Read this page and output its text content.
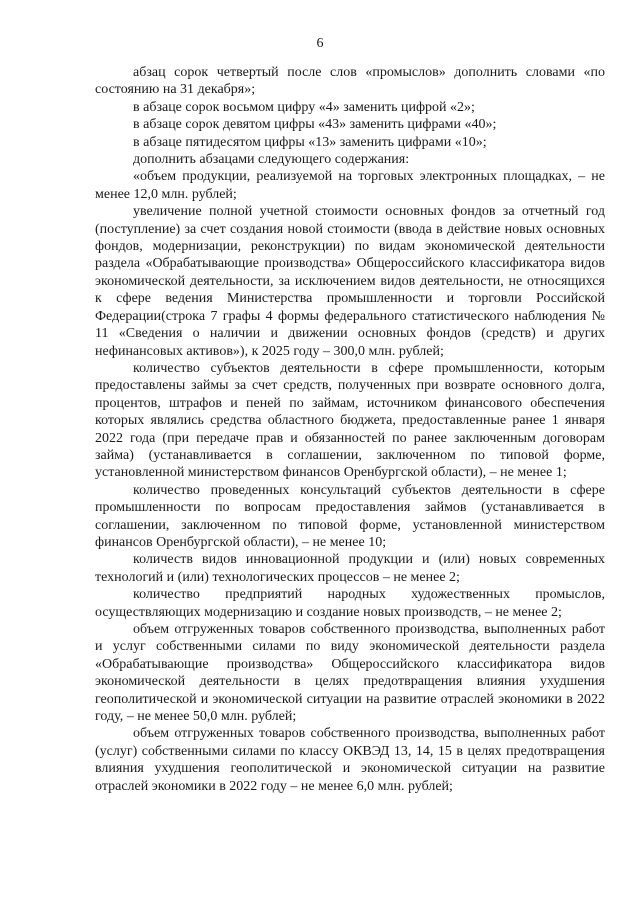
6

абзац сорок четвертый после слов «промыслов» дополнить словами «по состоянию на 31 декабря»;

в абзаце сорок восьмом цифру «4» заменить цифрой «2»;

в абзаце сорок девятом цифры «43» заменить цифрами «40»;

в абзаце пятидесятом цифры «13» заменить цифрами «10»;

дополнить абзацами следующего содержания:

«объем продукции, реализуемой на торговых электронных площадках, – не менее 12,0 млн. рублей;

увеличение полной учетной стоимости основных фондов за отчетный год (поступление) за счет создания новой стоимости (ввода в действие новых основных фондов, модернизации, реконструкции) по видам экономической деятельности раздела «Обрабатывающие производства» Общероссийского классификатора видов экономической деятельности, за исключением видов деятельности, не относящихся к сфере ведения Министерства промышленности и торговли Российской Федерации(строка 7 графы 4 формы федерального статистического наблюдения № 11 «Сведения о наличии и движении основных фондов (средств) и других нефинансовых активов»), к 2025 году – 300,0 млн. рублей;

количество субъектов деятельности в сфере промышленности, которым предоставлены займы за счет средств, полученных при возврате основного долга, процентов, штрафов и пеней по займам, источником финансового обеспечения которых являлись средства областного бюджета, предоставленные ранее 1 января 2022 года (при передаче прав и обязанностей по ранее заключенным договорам займа) (устанавливается в соглашении, заключенном по типовой форме, установленной министерством финансов Оренбургской области), – не менее 1;

количество проведенных консультаций субъектов деятельности в сфере промышленности по вопросам предоставления займов (устанавливается в соглашении, заключенном по типовой форме, установленной министерством финансов Оренбургской области), – не менее 10;

количеств видов инновационной продукции и (или) новых современных технологий и (или) технологических процессов – не менее 2;

количество предприятий народных художественных промыслов, осуществляющих модернизацию и создание новых производств, – не менее 2;

объем отгруженных товаров собственного производства, выполненных работ и услуг собственными силами по виду экономической деятельности раздела «Обрабатывающие производства» Общероссийского классификатора видов экономической деятельности в целях предотвращения влияния ухудшения геополитической и экономической ситуации на развитие отраслей экономики в 2022 году, – не менее 50,0 млн. рублей;

объем отгруженных товаров собственного производства, выполненных работ (услуг) собственными силами по классу ОКВЭД 13, 14, 15 в целях предотвращения влияния ухудшения геополитической и экономической ситуации на развитие отраслей экономики в 2022 году – не менее 6,0 млн. рублей;
